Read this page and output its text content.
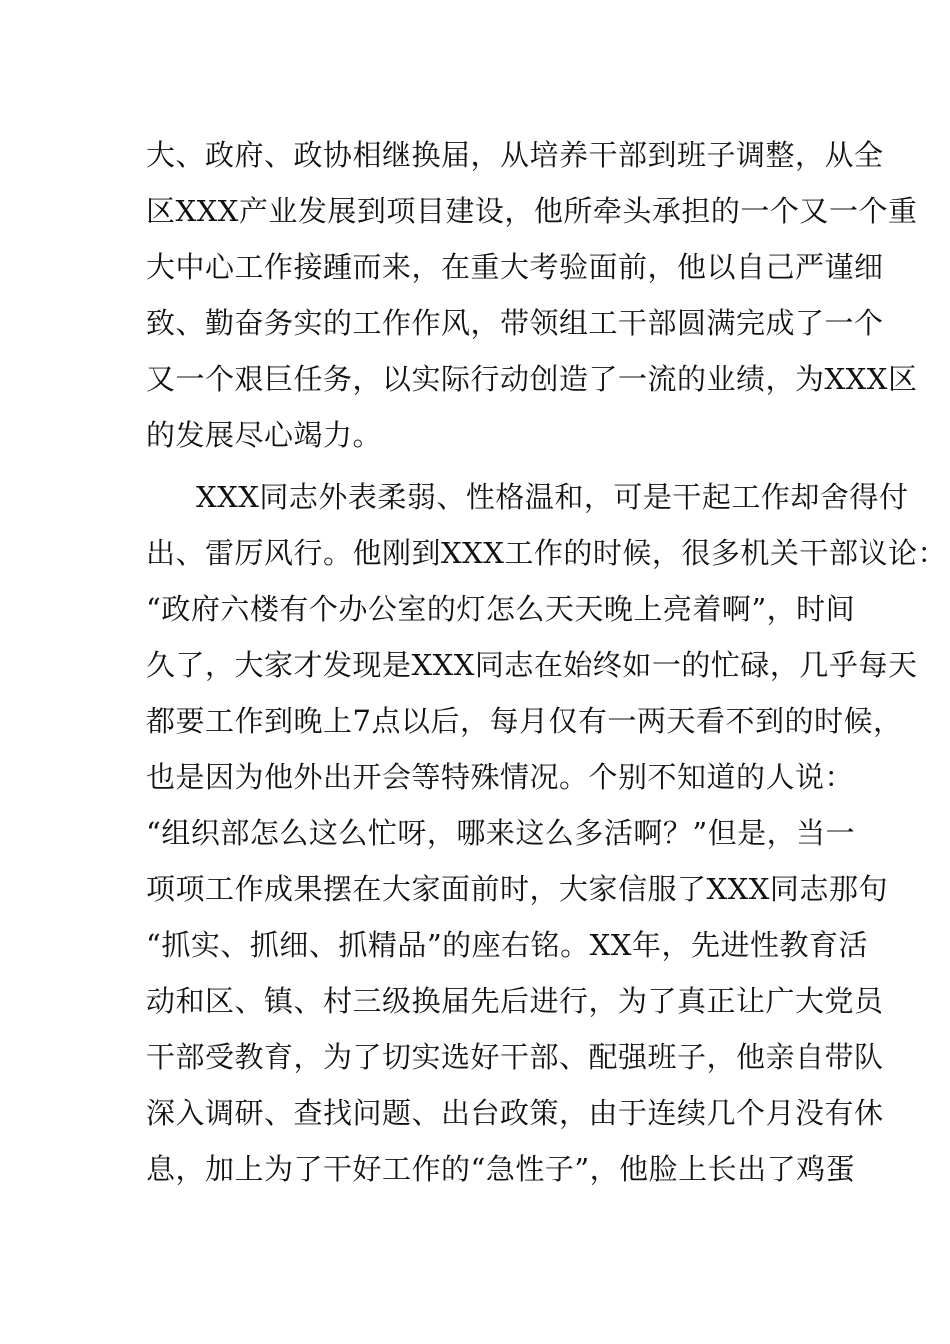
大、政府、政协相继换届，从培养干部到班子调整，从全
区XXX产业发展到项目建设，他所牵头承担的一个又一个重
大中心工作接踵而来，在重大考验面前，他以自己严谨细
致、勤奋务实的工作作风，带领组工干部圆满完成了一个
又一个艰巨任务，以实际行动创造了一流的业绩，为XXX区
的发展尽心竭力。
XXX同志外表柔弱、性格温和，可是干起工作却舍得付
出、雷厉风行。他刚到XXX工作的时候，很多机关干部议论：
“政府六楼有个办公室的灯怎么天天晚上亮着啊”，时间
久了，大家才发现是XXX同志在始终如一的忙碌，几乎每天
都要工作到晚上7点以后，每月仅有一两天看不到的时候，
也是因为他外出开会等特殊情况。个别不知道的人说：
“组织部怎么这么忙呀，哪来这么多活啊？”但是，当一
项项工作成果摆在大家面前时，大家信服了XXX同志那句
“抓实、抓细、抓精品”的座右铭。XX年，先进性教育活
动和区、镇、村三级换届先后进行，为了真正让广大党员
干部受教育，为了切实选好干部、配强班子，他亲自带队
深入调研、查找问题、出台政策，由于连续几个月没有休
息，加上为了干好工作的“急性子”，他脸上长出了鸡蛋
